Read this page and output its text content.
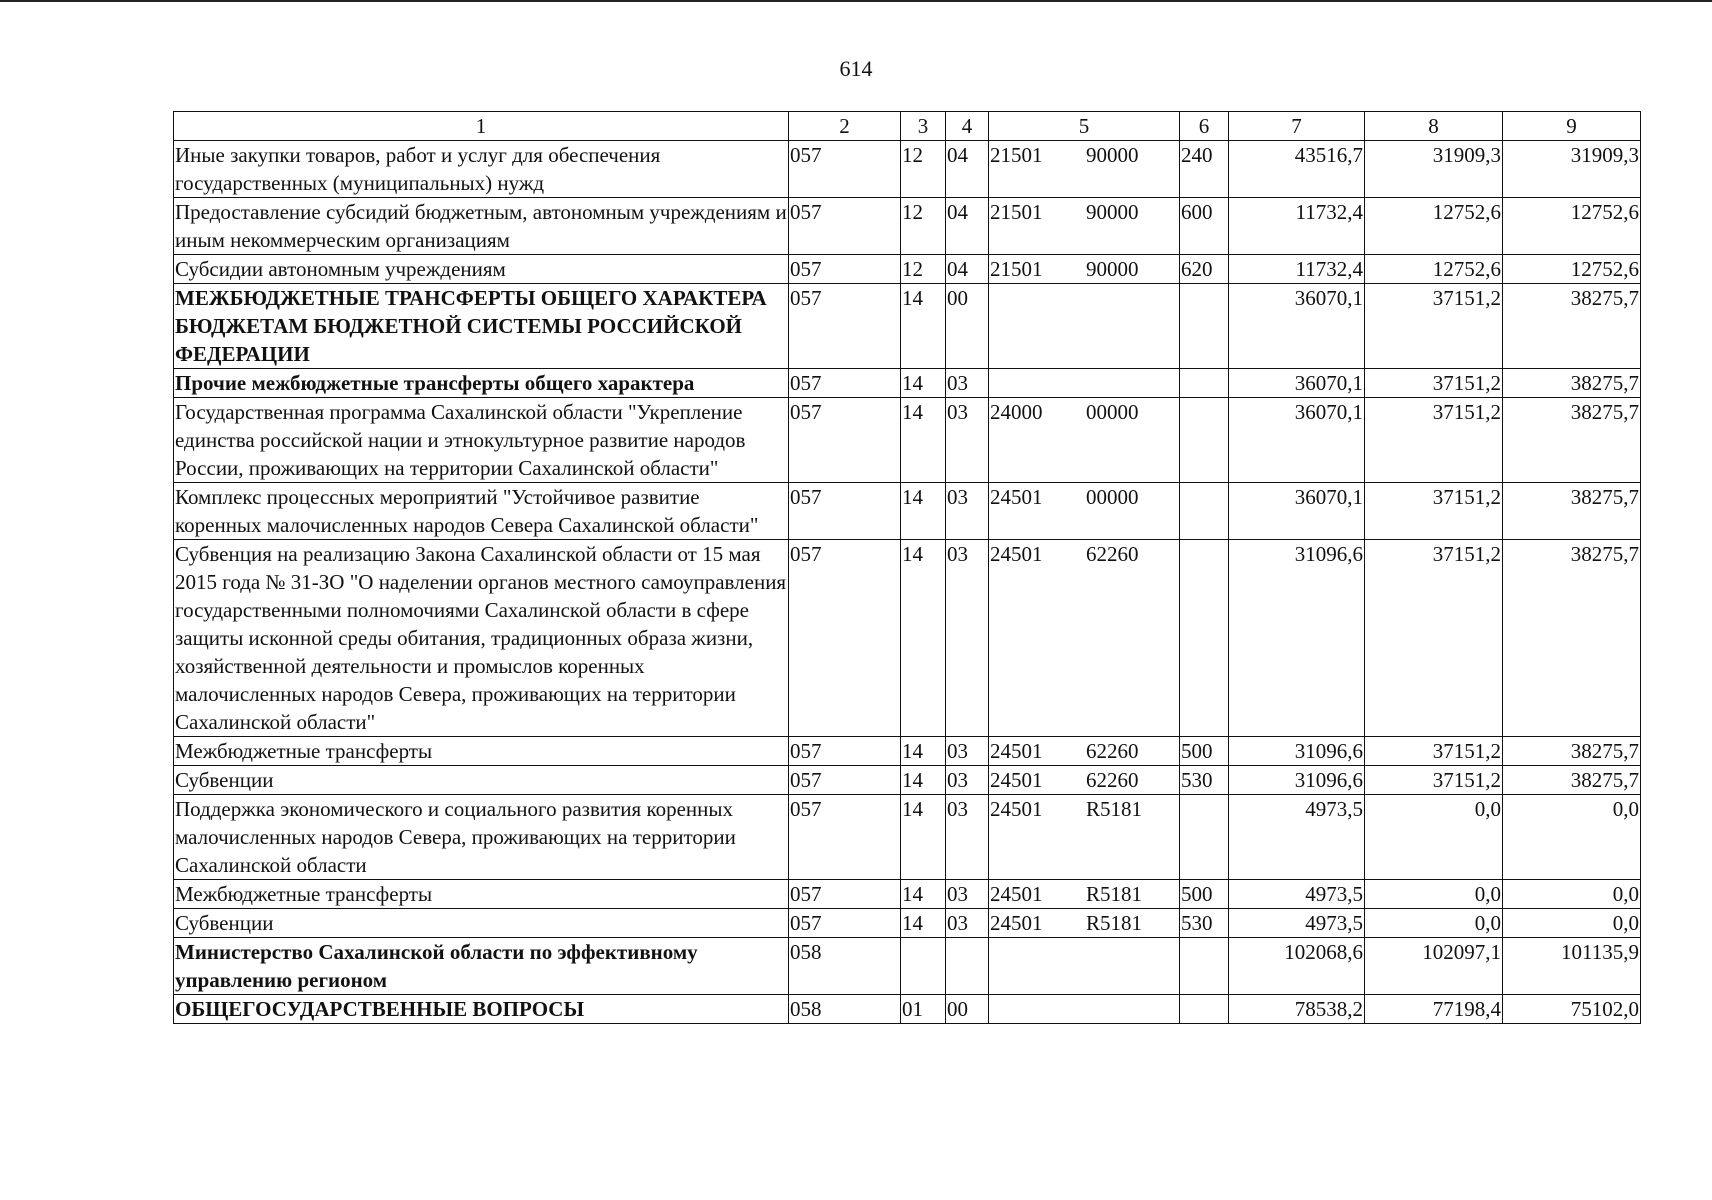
614
1	2	3	4	5	6	7	8	9
Иные закупки товаров, работ и услуг для обеспечения государственных (муниципальных) нужд	057	12	04	21501 90000	240	43516,7	31909,3	31909,3
Предоставление субсидий бюджетным, автономным учреждениям и иным некоммерческим организациям	057	12	04	21501 90000	600	11732,4	12752,6	12752,6
Субсидии автономным учреждениям	057	12	04	21501 90000	620	11732,4	12752,6	12752,6
МЕЖБЮДЖЕТНЫЕ ТРАНСФЕРТЫ ОБЩЕГО ХАРАКТЕРА БЮДЖЕТАМ БЮДЖЕТНОЙ СИСТЕМЫ РОССИЙСКОЙ ФЕДЕРАЦИИ	057	14	00			36070,1	37151,2	38275,7
Прочие межбюджетные трансферты общего характера	057	14	03			36070,1	37151,2	38275,7
Государственная программа Сахалинской области "Укрепление единства российской нации и этнокультурное развитие народов России, проживающих на территории Сахалинской области"	057	14	03	24000 00000		36070,1	37151,2	38275,7
Комплекс процессных мероприятий "Устойчивое развитие коренных малочисленных народов Севера Сахалинской области"	057	14	03	24501 00000		36070,1	37151,2	38275,7
Субвенция на реализацию Закона Сахалинской области от 15 мая 2015 года № 31-ЗО "О наделении органов местного самоуправления государственными полномочиями Сахалинской области в сфере защиты исконной среды обитания, традиционных образа жизни, хозяйственной деятельности и промыслов коренных малочисленных народов Севера, проживающих на территории Сахалинской области"	057	14	03	24501 62260		31096,6	37151,2	38275,7
Межбюджетные трансферты	057	14	03	24501 62260	500	31096,6	37151,2	38275,7
Субвенции	057	14	03	24501 62260	530	31096,6	37151,2	38275,7
Поддержка экономического и социального развития коренных малочисленных народов Севера, проживающих на территории Сахалинской области	057	14	03	24501 R5181		4973,5	0,0	0,0
Межбюджетные трансферты	057	14	03	24501 R5181	500	4973,5	0,0	0,0
Субвенции	057	14	03	24501 R5181	530	4973,5	0,0	0,0
Министерство Сахалинской области по эффективному управлению регионом	058					102068,6	102097,1	101135,9
ОБЩЕГОСУДАРСТВЕННЫЕ ВОПРОСЫ	058	01	00			78538,2	77198,4	75102,0
